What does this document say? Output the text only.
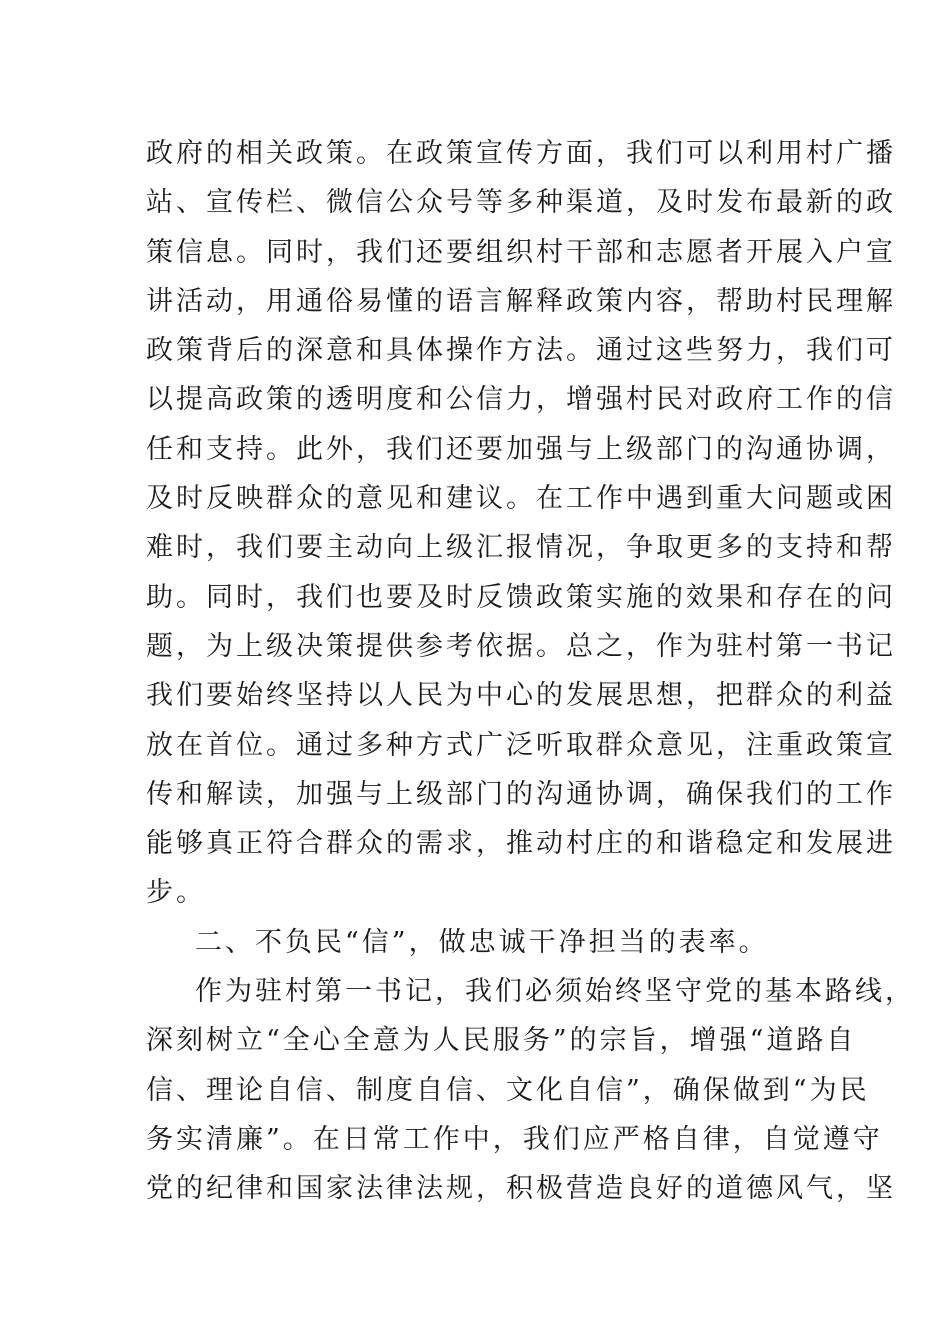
政府的相关政策。在政策宣传方面，我们可以利用村广播
站、宣传栏、微信公众号等多种渠道，及时发布最新的政
策信息。同时，我们还要组织村干部和志愿者开展入户宣
讲活动，用通俗易懂的语言解释政策内容，帮助村民理解
政策背后的深意和具体操作方法。通过这些努力，我们可
以提高政策的透明度和公信力，增强村民对政府工作的信
任和支持。此外，我们还要加强与上级部门的沟通协调，
及时反映群众的意见和建议。在工作中遇到重大问题或困
难时，我们要主动向上级汇报情况，争取更多的支持和帮
助。同时，我们也要及时反馈政策实施的效果和存在的问
题，为上级决策提供参考依据。总之，作为驻村第一书记
我们要始终坚持以人民为中心的发展思想，把群众的利益
放在首位。通过多种方式广泛听取群众意见，注重政策宣
传和解读，加强与上级部门的沟通协调，确保我们的工作
能够真正符合群众的需求，推动村庄的和谐稳定和发展进
步。
二、不负民“信”，做忠诚干净担当的表率。
作为驻村第一书记，我们必须始终坚守党的基本路线，
深刻树立“全心全意为人民服务”的宗旨，增强“道路自
信、理论自信、制度自信、文化自信”，确保做到“为民
务实清廉”。在日常工作中，我们应严格自律，自觉遵守
党的纪律和国家法律法规，积极营造良好的道德风气，坚
